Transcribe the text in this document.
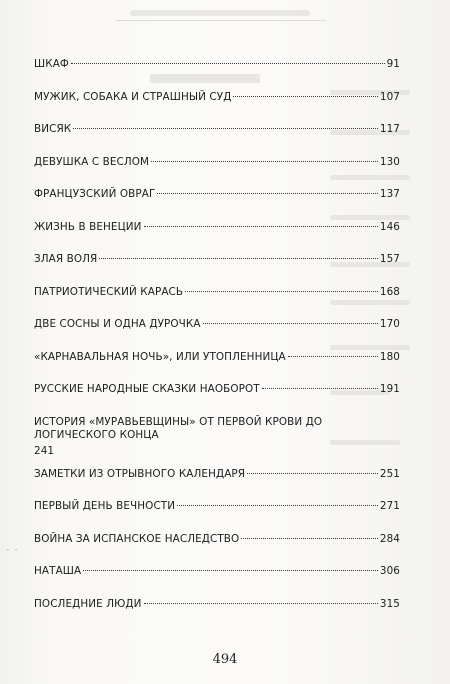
- -
ШКАФ	91
МУЖИК, СОБАКА И СТРАШНЫЙ СУД	107
ВИСЯК	117
ДЕВУШКА С ВЕСЛОМ	130
ФРАНЦУЗСКИЙ ОВРАГ	137
ЖИЗНЬ В ВЕНЕЦИИ	146
ЗЛАЯ ВОЛЯ	157
ПАТРИОТИЧЕСКИЙ КАРАСЬ	168
ДВЕ СОСНЫ И ОДНА ДУРОЧКА	170
«КАРНАВАЛЬНАЯ НОЧЬ», ИЛИ УТОПЛЕННИЦА	180
РУССКИЕ НАРОДНЫЕ СКАЗКИ НАОБОРОТ	191
ИСТОРИЯ «МУРАВЬЕВЩИНЫ» ОТ ПЕРВОЙ КРОВИ ДО ЛОГИЧЕСКОГО КОНЦА
241
ЗАМЕТКИ ИЗ ОТРЫВНОГО КАЛЕНДАРЯ	251
ПЕРВЫЙ ДЕНЬ ВЕЧНОСТИ	271
ВОЙНА ЗА ИСПАНСКОЕ НАСЛЕДСТВО	284
НАТАША	306
ПОСЛЕДНИЕ ЛЮДИ	315
494
